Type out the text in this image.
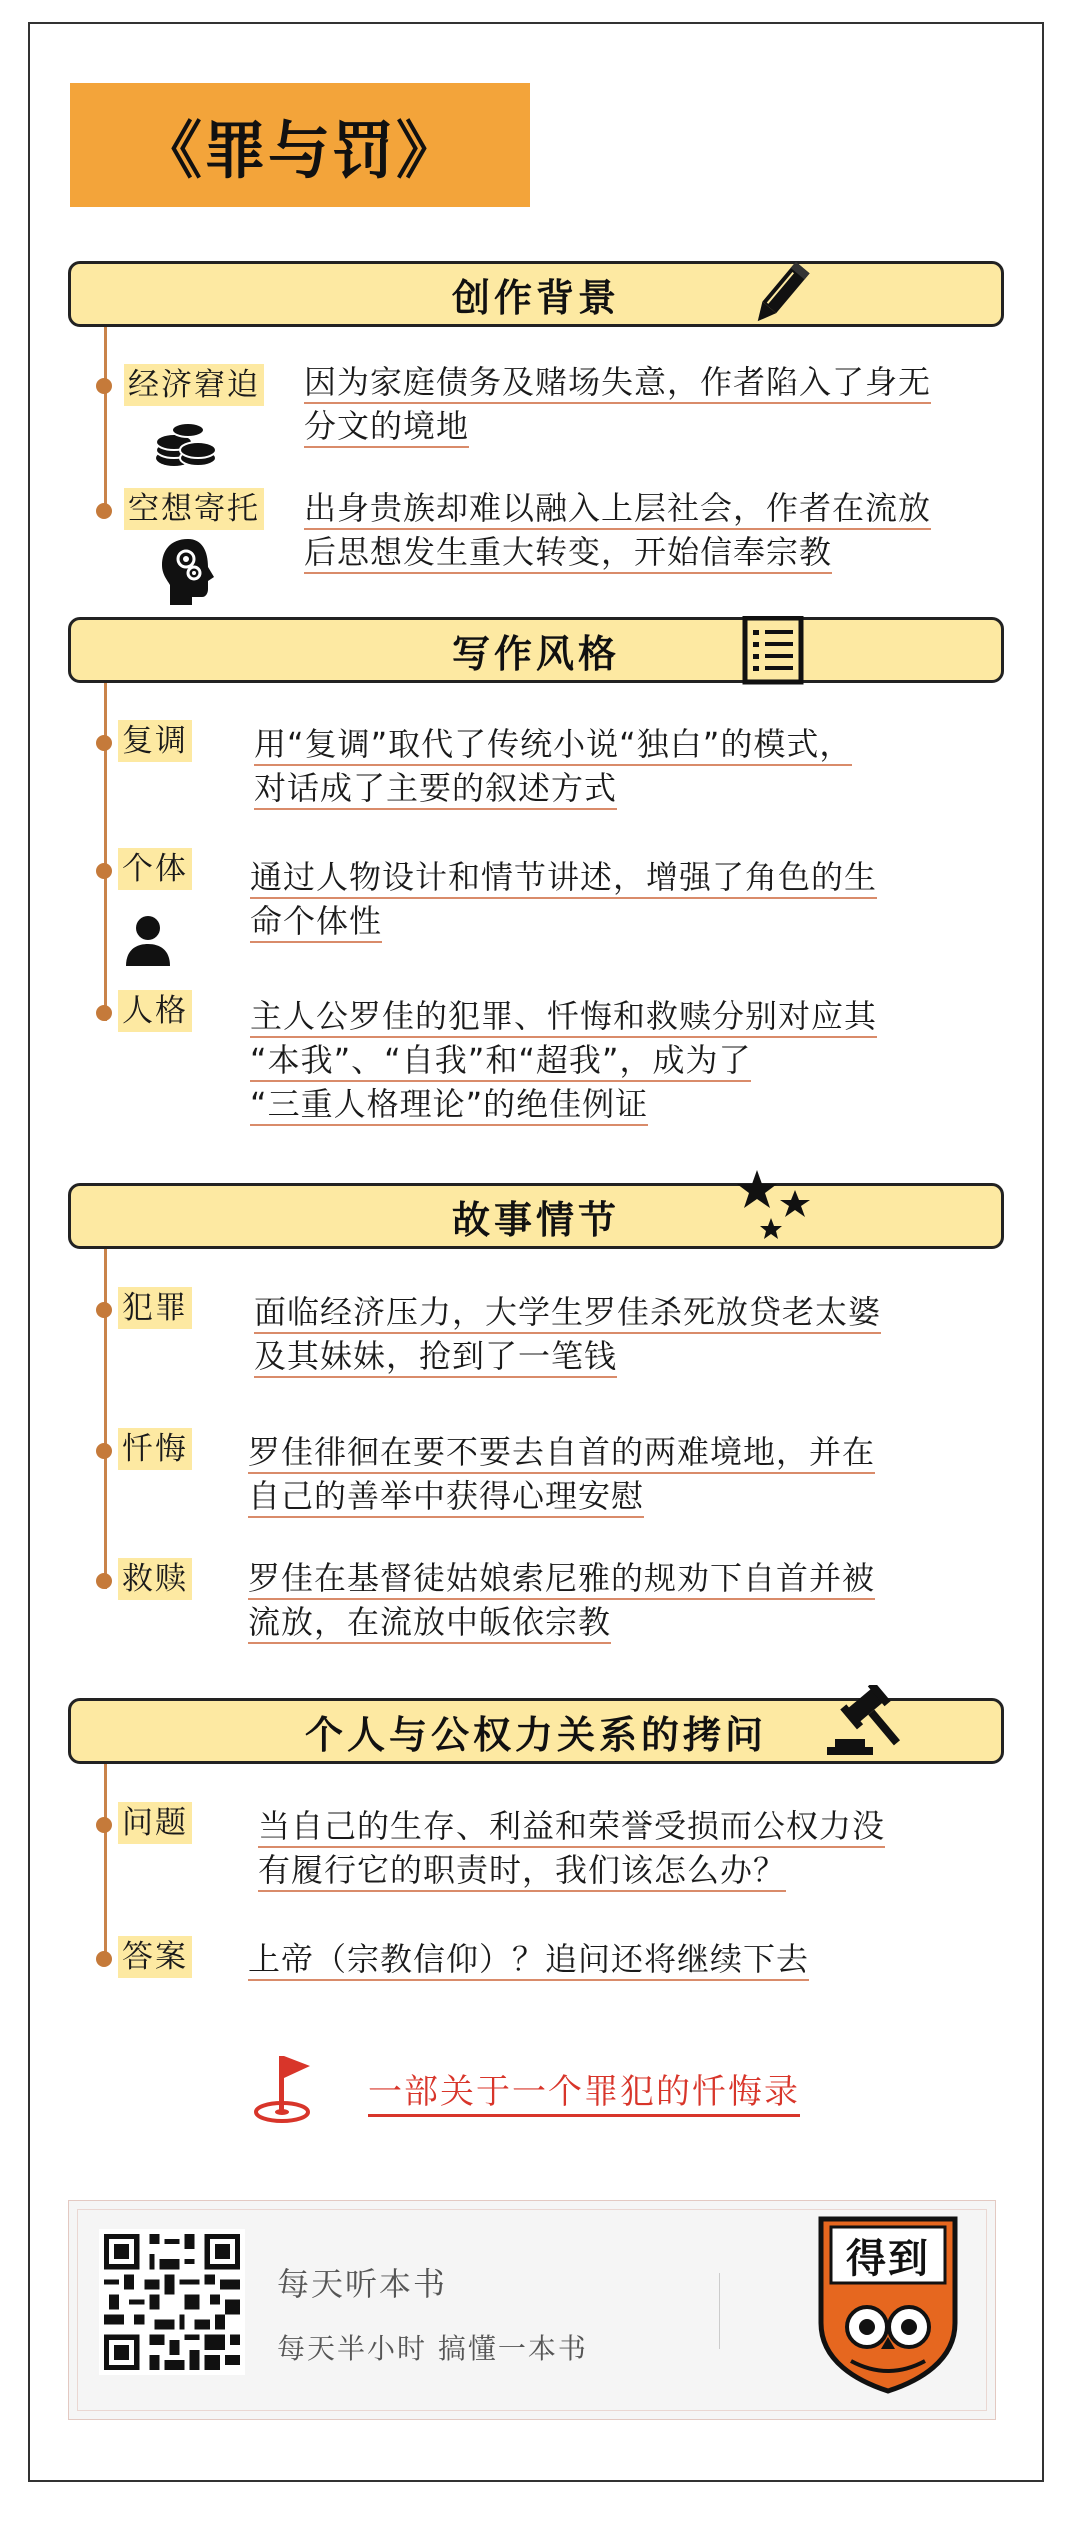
《罪与罚》
创作背景
经济窘迫 因为家庭债务及赌场失意，作者陷入了身无
分文的境地
空想寄托 出身贵族却难以融入上层社会，作者在流放
后思想发生重大转变，开始信奉宗教
写作风格
复调 用“复调”取代了传统小说“独白”的模式，
对话成了主要的叙述方式
个体 通过人物设计和情节讲述，增强了角色的生
命个体性
人格 主人公罗佳的犯罪、忏悔和救赎分别对应其
“本我”、“自我”和“超我”，成为了
“三重人格理论”的绝佳例证
故事情节
犯罪 面临经济压力，大学生罗佳杀死放贷老太婆
及其妹妹，抢到了一笔钱
忏悔 罗佳徘徊在要不要去自首的两难境地，并在
自己的善举中获得心理安慰
救赎 罗佳在基督徒姑娘索尼雅的规劝下自首并被
流放，在流放中皈依宗教
个人与公权力关系的拷问
问题 当自己的生存、利益和荣誉受损而公权力没
有履行它的职责时，我们该怎么办？
答案 上帝（宗教信仰）？追问还将继续下去
一部关于一个罪犯的忏悔录
每天听本书
每天半小时 搞懂一本书
得到
